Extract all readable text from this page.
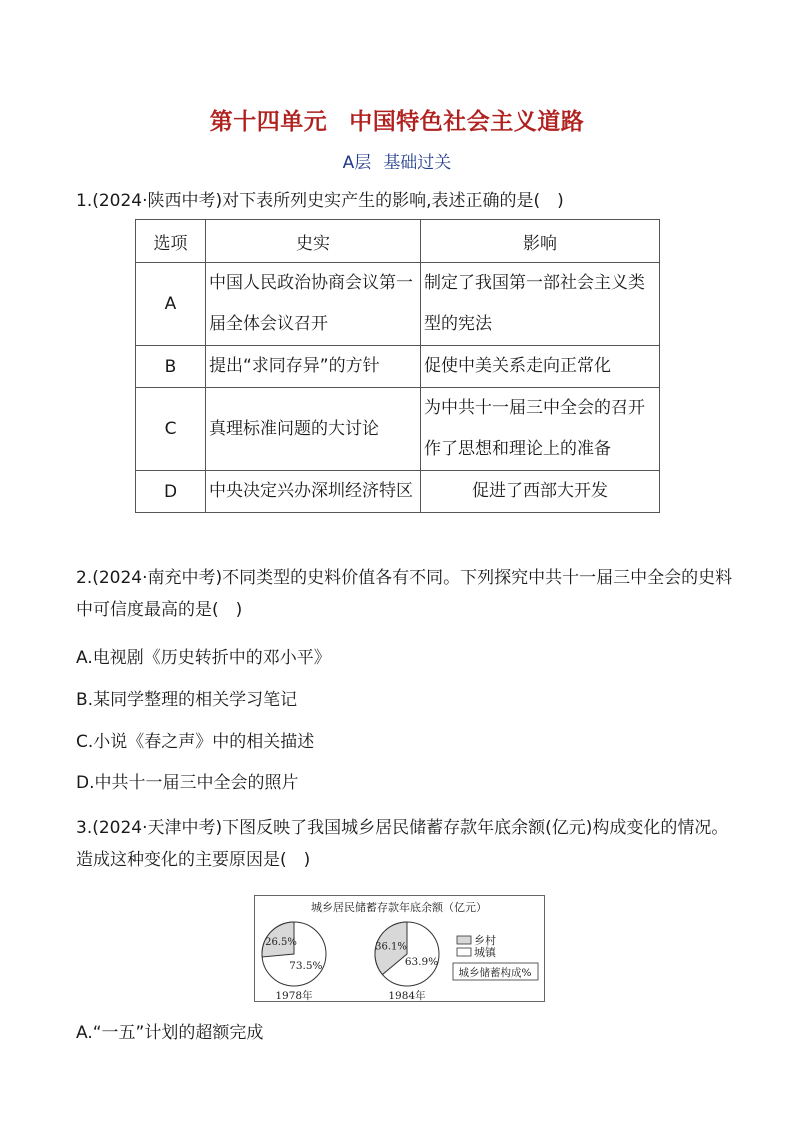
第十四单元 中国特色社会主义道路
A层 基础过关
1.(2024·陕西中考)对下表所列史实产生的影响,表述正确的是(　)
选项	史实	影响
A	中国人民政治协商会议第一届全体会议召开	制定了我国第一部社会主义类型的宪法
B	提出“求同存异”的方针	促使中美关系走向正常化
C	真理标准问题的大讨论	为中共十一届三中全会的召开作了思想和理论上的准备
D	中央决定兴办深圳经济特区	促进了西部大开发
2.(2024·南充中考)不同类型的史料价值各有不同。下列探究中共十一届三中全会的史料中可信度最高的是(　)
A.电视剧《历史转折中的邓小平》
B.某同学整理的相关学习笔记
C.小说《春之声》中的相关描述
D.中共十一届三中全会的照片
3.(2024·天津中考)下图反映了我国城乡居民储蓄存款年底余额(亿元)构成变化的情况。造成这种变化的主要原因是(　)
城乡居民储蓄存款年底余额（亿元）
26.5%
73.5%
1978年
36.1%
63.9%
1984年
乡村
城镇
城乡储蓄构成%
A.“一五”计划的超额完成
